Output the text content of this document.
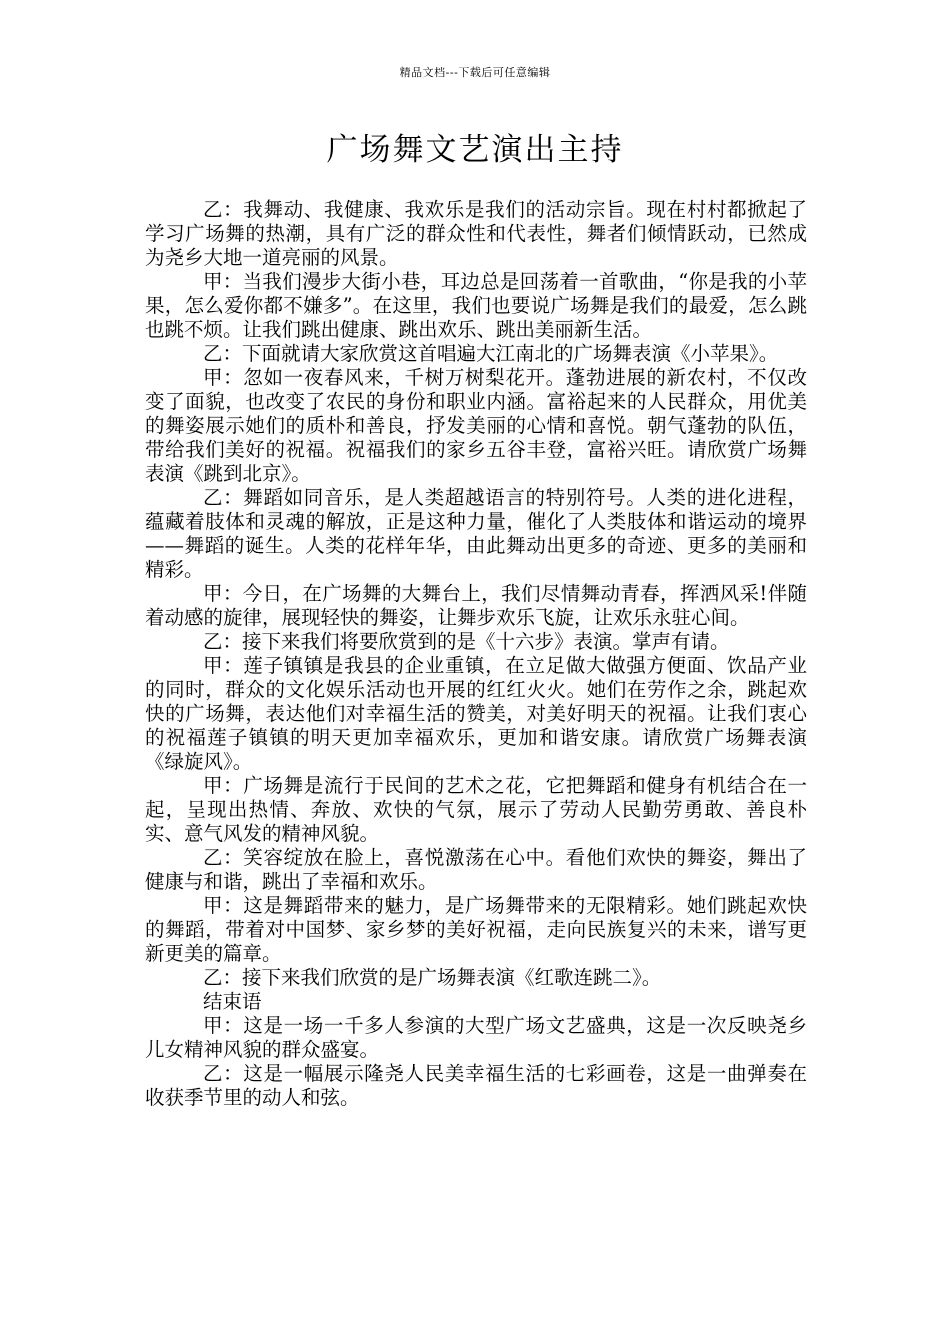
精品文档---下载后可任意编辑
广场舞文艺演出主持

乙：我舞动、我健康、我欢乐是我们的活动宗旨。现在村村都掀起了学习广场舞的热潮，具有广泛的群众性和代表性，舞者们倾情跃动，已然成为尧乡大地一道亮丽的风景。

甲：当我们漫步大街小巷，耳边总是回荡着一首歌曲，“你是我的小苹果，怎么爱你都不嫌多”。在这里，我们也要说广场舞是我们的最爱，怎么跳也跳不烦。让我们跳出健康、跳出欢乐、跳出美丽新生活。

乙：下面就请大家欣赏这首唱遍大江南北的广场舞表演《小苹果》。

甲：忽如一夜春风来，千树万树梨花开。蓬勃进展的新农村，不仅改变了面貌，也改变了农民的身份和职业内涵。富裕起来的人民群众，用优美的舞姿展示她们的质朴和善良，抒发美丽的心情和喜悦。朝气蓬勃的队伍，带给我们美好的祝福。祝福我们的家乡五谷丰登，富裕兴旺。请欣赏广场舞表演《跳到北京》。

乙：舞蹈如同音乐，是人类超越语言的特别符号。人类的进化进程，蕴藏着肢体和灵魂的解放，正是这种力量，催化了人类肢体和谐运动的境界——舞蹈的诞生。人类的花样年华，由此舞动出更多的奇迹、更多的美丽和精彩。

甲：今日，在广场舞的大舞台上，我们尽情舞动青春，挥洒风采!伴随着动感的旋律，展现轻快的舞姿，让舞步欢乐飞旋，让欢乐永驻心间。

乙：接下来我们将要欣赏到的是《十六步》表演。掌声有请。

甲：莲子镇镇是我县的企业重镇，在立足做大做强方便面、饮品产业的同时，群众的文化娱乐活动也开展的红红火火。她们在劳作之余，跳起欢快的广场舞，表达他们对幸福生活的赞美，对美好明天的祝福。让我们衷心的祝福莲子镇镇的明天更加幸福欢乐，更加和谐安康。请欣赏广场舞表演《绿旋风》。

甲：广场舞是流行于民间的艺术之花，它把舞蹈和健身有机结合在一起，呈现出热情、奔放、欢快的气氛，展示了劳动人民勤劳勇敢、善良朴实、意气风发的精神风貌。

乙：笑容绽放在脸上，喜悦激荡在心中。看他们欢快的舞姿，舞出了健康与和谐，跳出了幸福和欢乐。

甲：这是舞蹈带来的魅力，是广场舞带来的无限精彩。她们跳起欢快的舞蹈，带着对中国梦、家乡梦的美好祝福，走向民族复兴的未来，谱写更新更美的篇章。

乙：接下来我们欣赏的是广场舞表演《红歌连跳二》。

结束语

甲：这是一场一千多人参演的大型广场文艺盛典，这是一次反映尧乡儿女精神风貌的群众盛宴。

乙：这是一幅展示隆尧人民美幸福生活的七彩画卷，这是一曲弹奏在收获季节里的动人和弦。
